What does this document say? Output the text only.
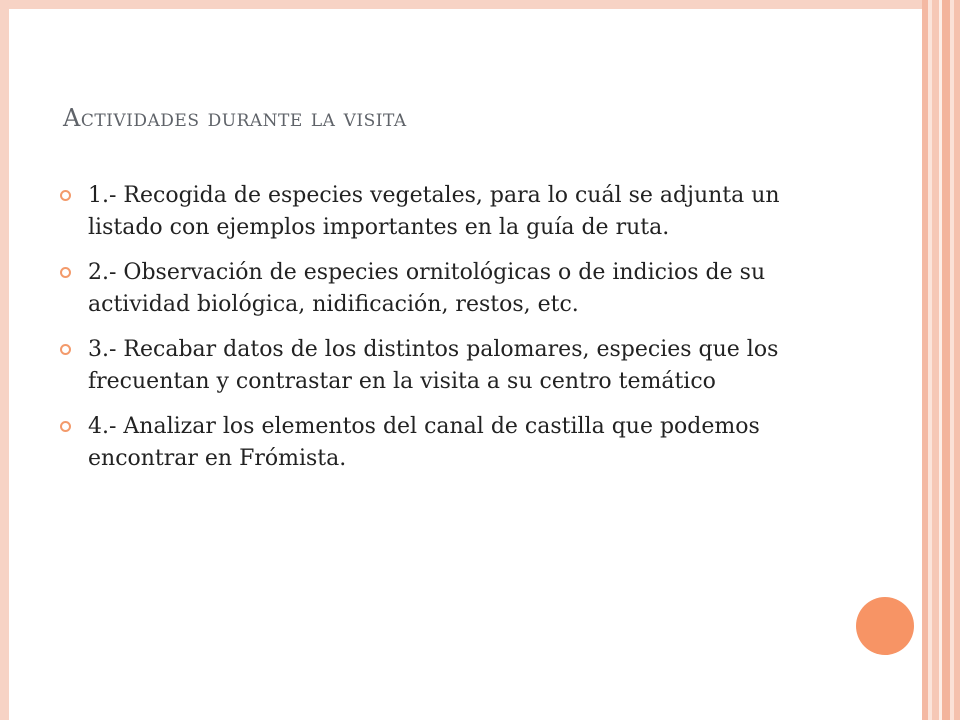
Actividades durante la visita
1.- Recogida de especies vegetales, para lo cuál se adjunta un listado con ejemplos importantes en la guía de ruta.
2.- Observación de especies ornitológicas o de indicios de su actividad biológica, nidificación, restos, etc.
3.- Recabar datos de los distintos palomares, especies que los frecuentan y contrastar en la visita a su centro temático
4.- Analizar los elementos del canal de castilla que podemos encontrar en Frómista.
